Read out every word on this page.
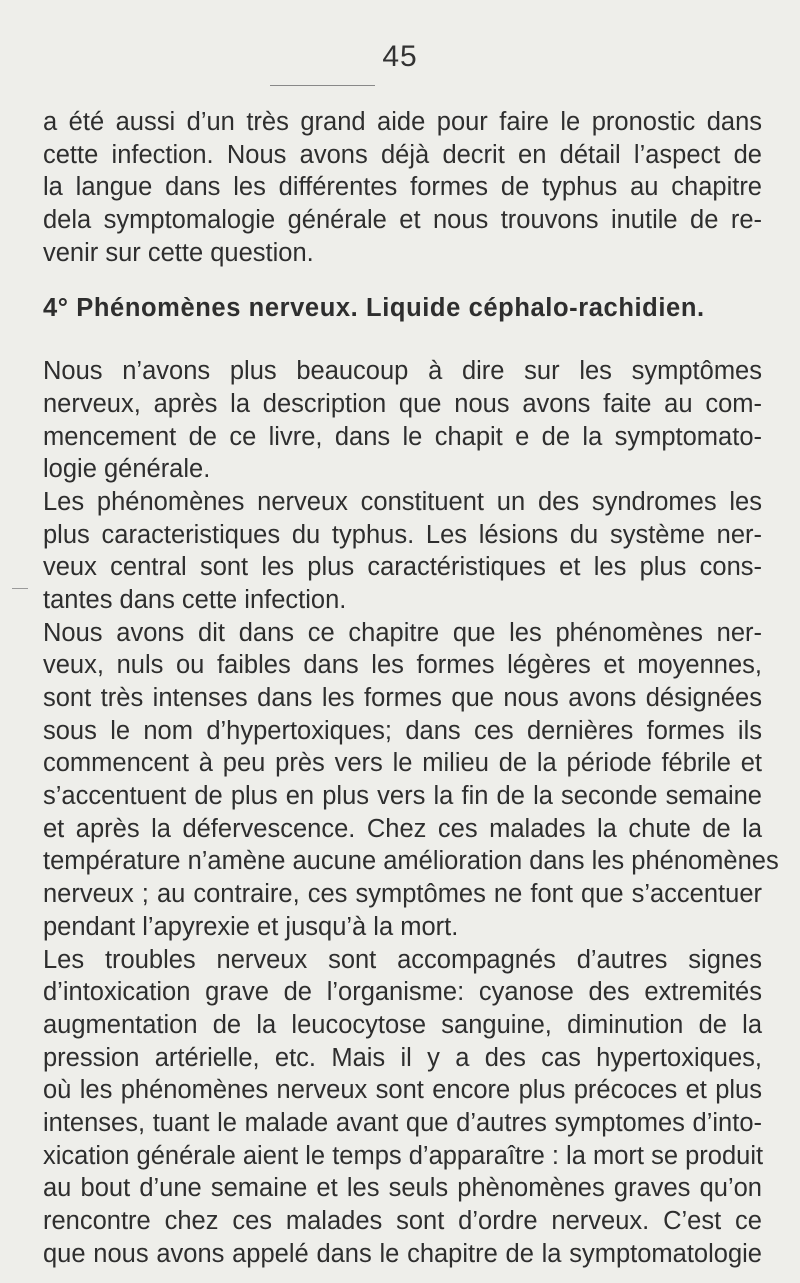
45
a été aussi d’un très grand aide pour faire le pronostic dans
cette infection. Nous avons déjà decrit en détail l’aspect de
la langue dans les différentes formes de typhus au chapitre
dela symptomalogie générale et nous trouvons inutile de re-
venir sur cette question.
4° Phénomènes nerveux. Liquide céphalo-rachidien.
Nous n’avons plus beaucoup à dire sur les symptômes
nerveux, après la description que nous avons faite au com-
mencement de ce livre, dans le chapit e de la symptomato-
logie générale.
Les phénomènes nerveux constituent un des syndromes les
plus caracteristiques du typhus. Les lésions du système ner-
veux central sont les plus caractéristiques et les plus cons-
tantes dans cette infection.
Nous avons dit dans ce chapitre que les phénomènes ner-
veux, nuls ou faibles dans les formes légères et moyennes,
sont très intenses dans les formes que nous avons désignées
sous le nom d’hypertoxiques; dans ces dernières formes ils
commencent à peu près vers le milieu de la période fébrile et
s’accentuent de plus en plus vers la fin de la seconde semaine
et après la défervescence. Chez ces malades la chute de la
température n’amène aucune amélioration dans les phénomènes
nerveux ; au contraire, ces symptômes ne font que s’accentuer
pendant l’apyrexie et jusqu’à la mort.
Les troubles nerveux sont accompagnés d’autres signes
d’intoxication grave de l’organisme: cyanose des extremités
augmentation de la leucocytose sanguine, diminution de la
pression artérielle, etc. Mais il y a des cas hypertoxiques,
où les phénomènes nerveux sont encore plus précoces et plus
intenses, tuant le malade avant que d’autres symptomes d’into-
xication générale aient le temps d’apparaître : la mort se produit
au bout d’une semaine et les seuls phènomènes graves qu’on
rencontre chez ces malades sont d’ordre nerveux. C’est ce
que nous avons appelé dans le chapitre de la symptomatologie
